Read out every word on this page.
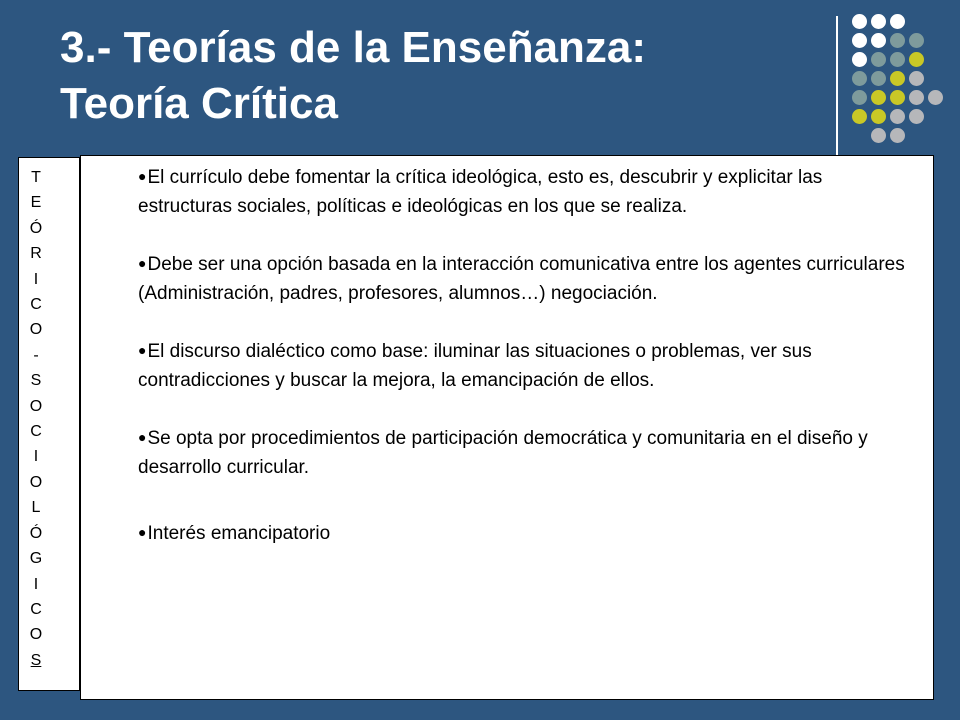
3.- Teorías de la Enseñanza:
Teoría Crítica
T
E
Ó
R
I
C
O
-
S
O
C
I
O
L
Ó
G
I
C
O
S
●El currículo debe fomentar la crítica ideológica, esto es, descubrir y explicitar las estructuras sociales, políticas e ideológicas en los que se realiza.
●Debe ser una opción basada en la interacción comunicativa entre los agentes curriculares (Administración, padres, profesores, alumnos…) negociación.
●El discurso dialéctico como base: iluminar las situaciones o problemas, ver sus contradicciones y buscar la mejora, la emancipación de ellos.
●Se opta por procedimientos de participación democrática y comunitaria en el diseño y desarrollo curricular.
●Interés emancipatorio
